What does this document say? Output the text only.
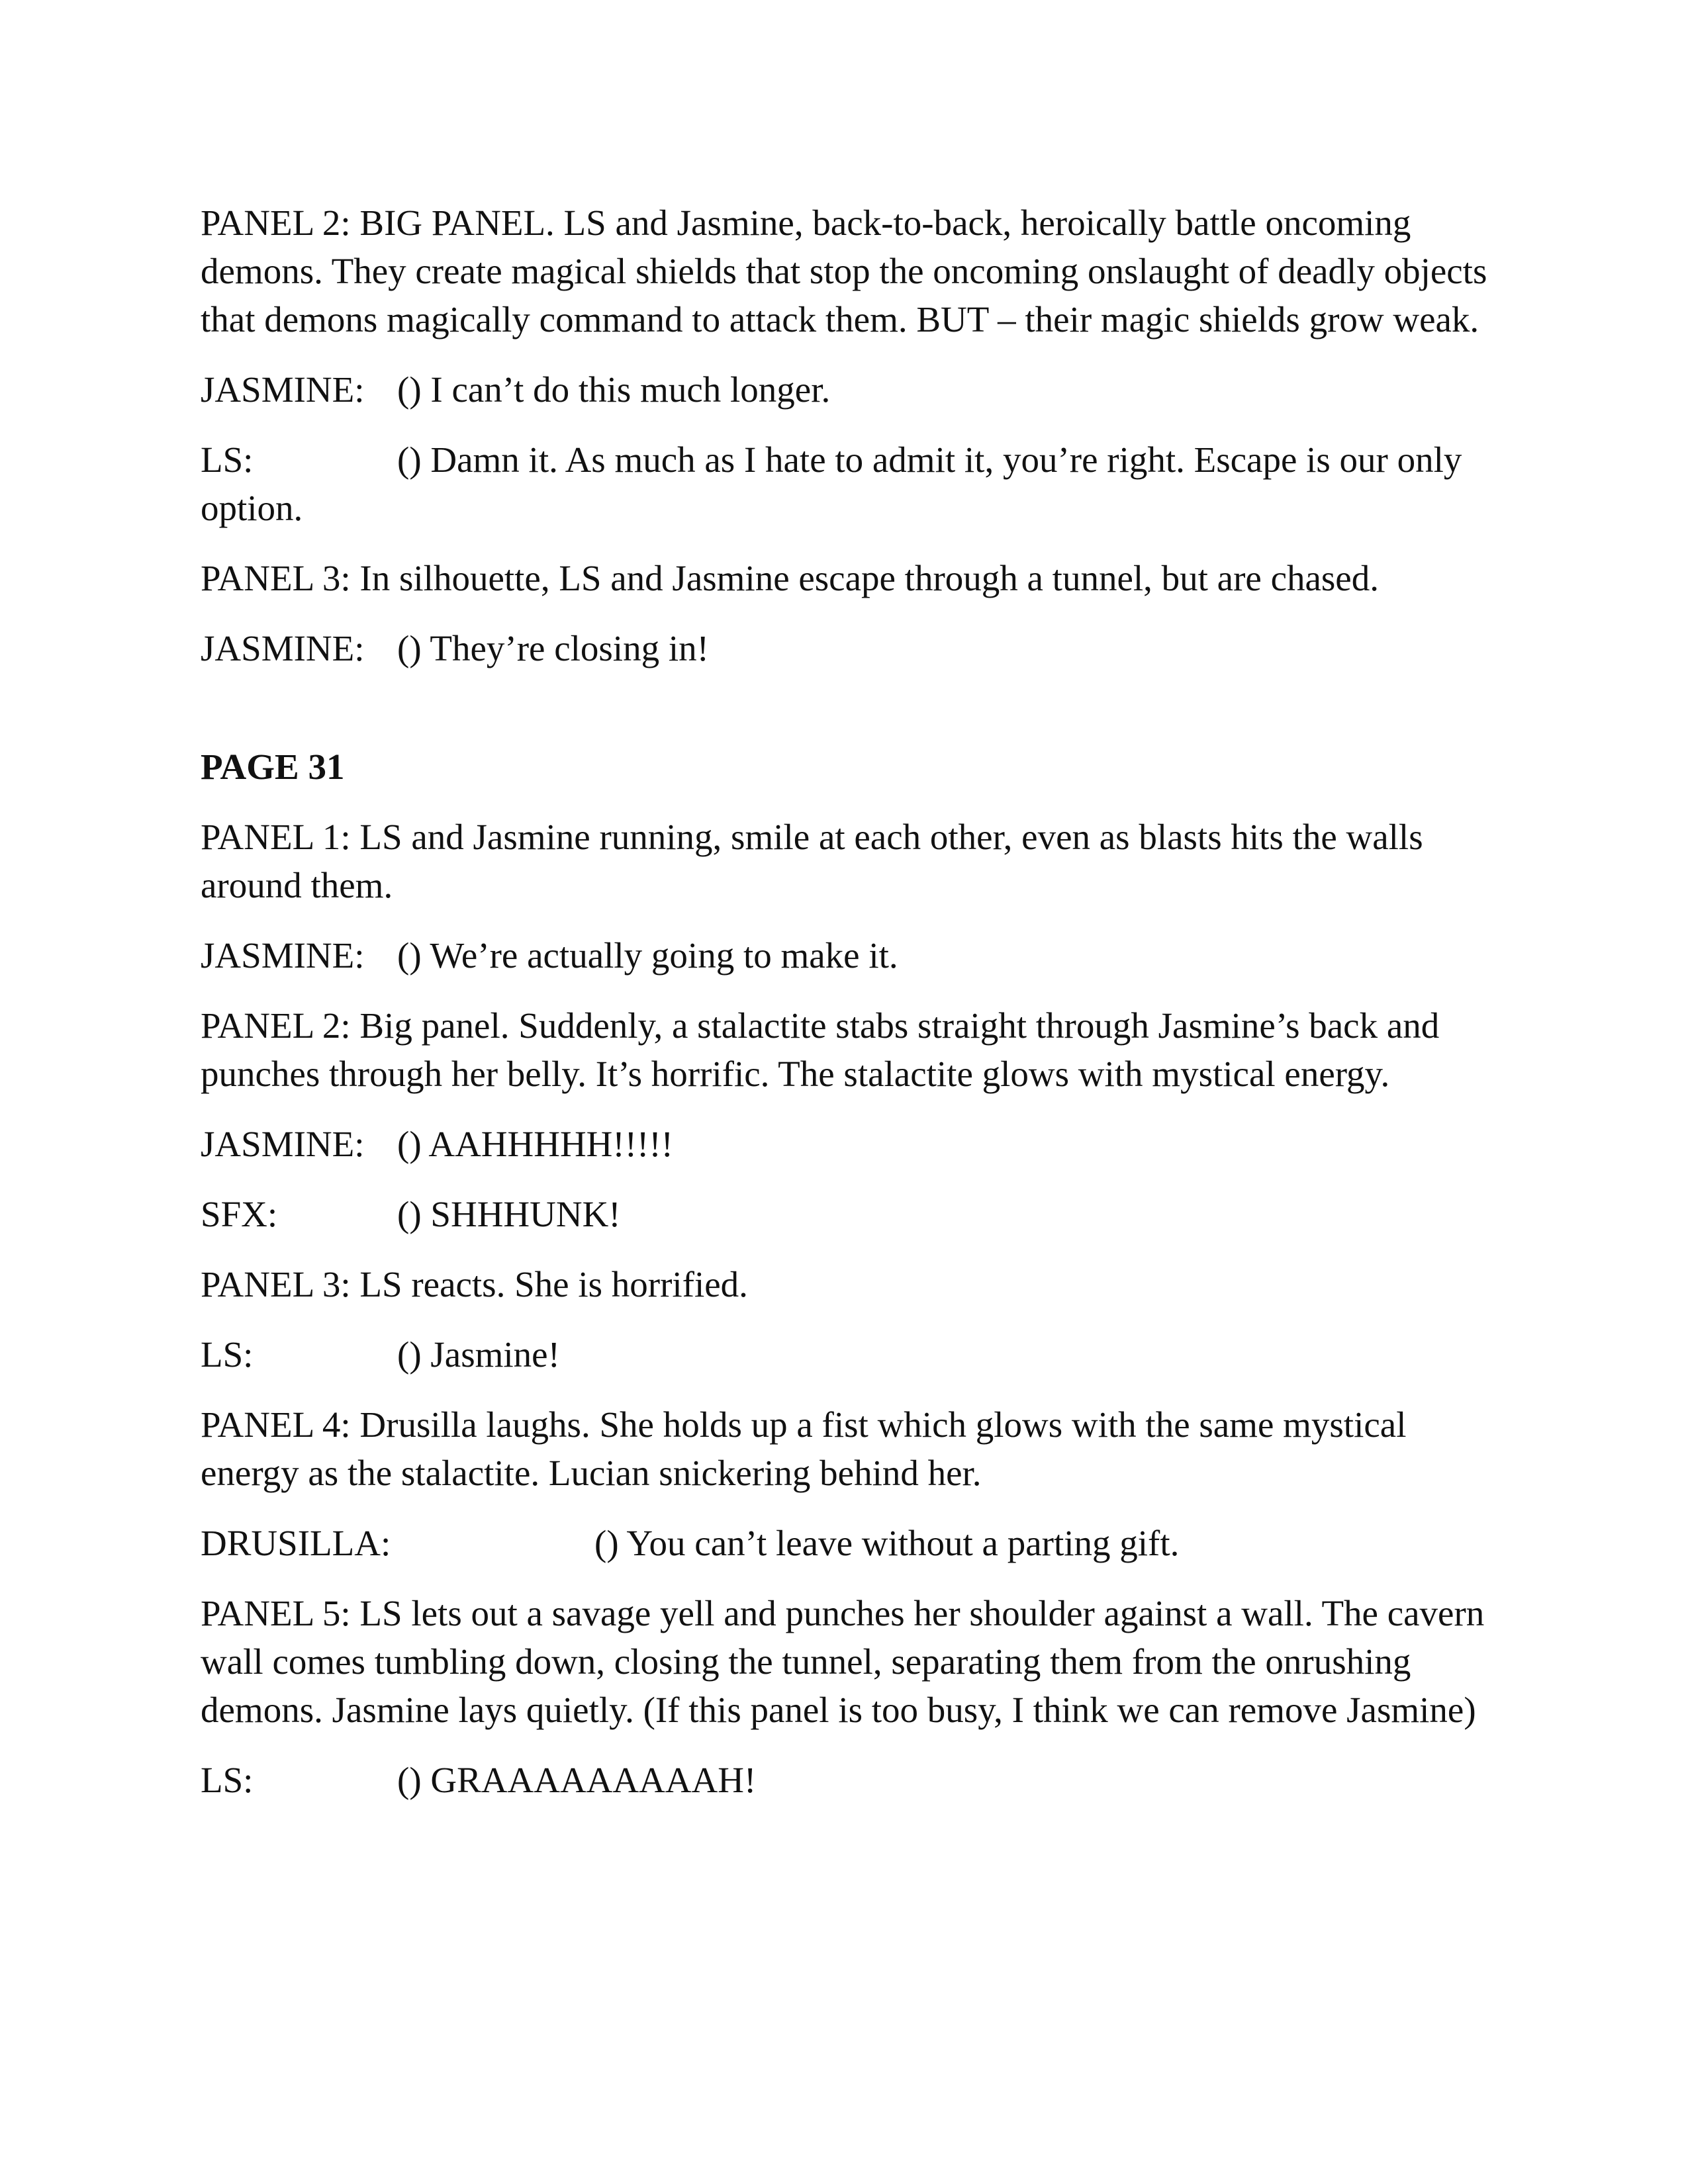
PANEL 2: BIG PANEL. LS and Jasmine, back-to-back, heroically battle oncoming demons. They create magical shields that stop the oncoming onslaught of deadly objects that demons magically command to attack them. BUT – their magic shields grow weak.

JASMINE: () I can’t do this much longer.

LS:	() Damn it. As much as I hate to admit it, you’re right. Escape is our only option.

PANEL 3: In silhouette, LS and Jasmine escape through a tunnel, but are chased.

JASMINE: () They’re closing in!

PAGE 31

PANEL 1: LS and Jasmine running, smile at each other, even as blasts hits the walls around them.

JASMINE: () We’re actually going to make it.

PANEL 2: Big panel. Suddenly, a stalactite stabs straight through Jasmine’s back and punches through her belly. It’s horrific. The stalactite glows with mystical energy.

JASMINE: () AAHHHHH!!!!!

SFX:	() SHHHUNK!

PANEL 3: LS reacts. She is horrified.

LS:	() Jasmine!

PANEL 4: Drusilla laughs. She holds up a fist which glows with the same mystical energy as the stalactite. Lucian snickering behind her.

DRUSILLA:	() You can’t leave without a parting gift.

PANEL 5: LS lets out a savage yell and punches her shoulder against a wall. The cavern wall comes tumbling down, closing the tunnel, separating them from the onrushing demons. Jasmine lays quietly. (If this panel is too busy, I think we can remove Jasmine)

LS:	() GRAAAAAAAAAH!
